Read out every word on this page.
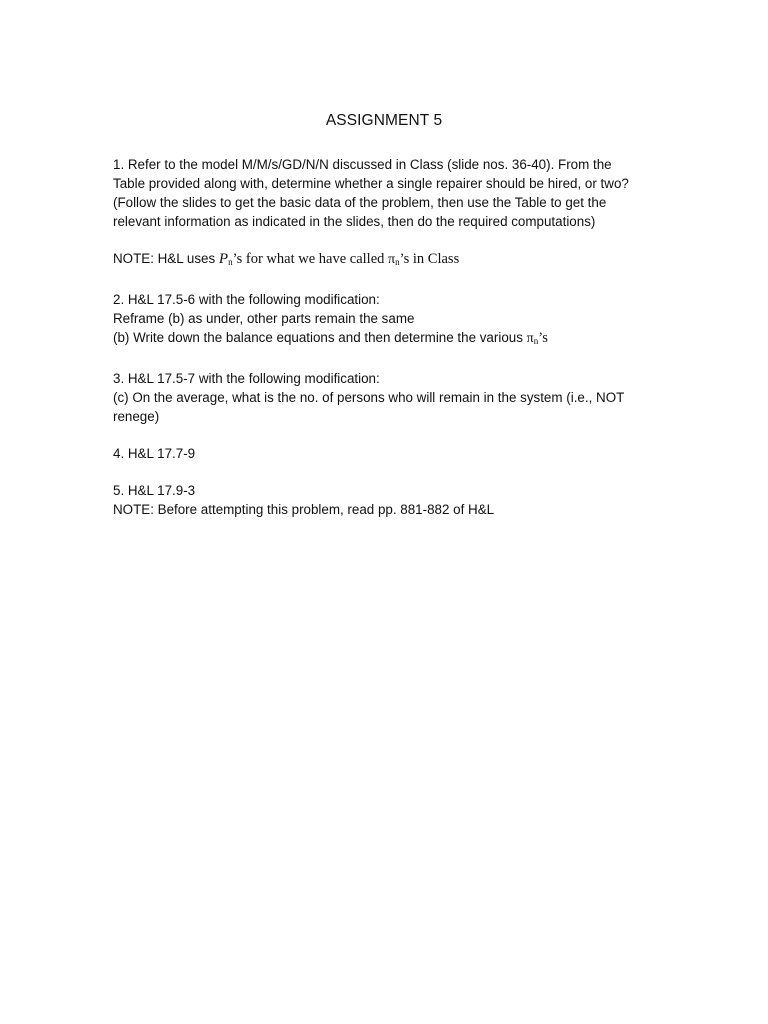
ASSIGNMENT 5

1. Refer to the model M/M/s/GD/N/N discussed in Class (slide nos. 36-40). From the

Table provided along with, determine whether a single repairer should be hired, or two?

(Follow the slides to get the basic data of the problem, then use the Table to get the

relevant information as indicated in the slides, then do the required computations)

NOTE: H&L uses $P_n’s$ for what we have called $\pi_n’s$ in Class

2. H&L 17.5-6 with the following modification:

Reframe (b) as under, other parts remain the same

(b) Write down the balance equations and then determine the various $\pi_n’s$

3. H&L 17.5-7 with the following modification:

(c) On the average, what is the no. of persons who will remain in the system (i.e., NOT

renege)

4. H&L 17.7-9

5. H&L 17.9-3

NOTE: Before attempting this problem, read pp. 881-882 of H&L
